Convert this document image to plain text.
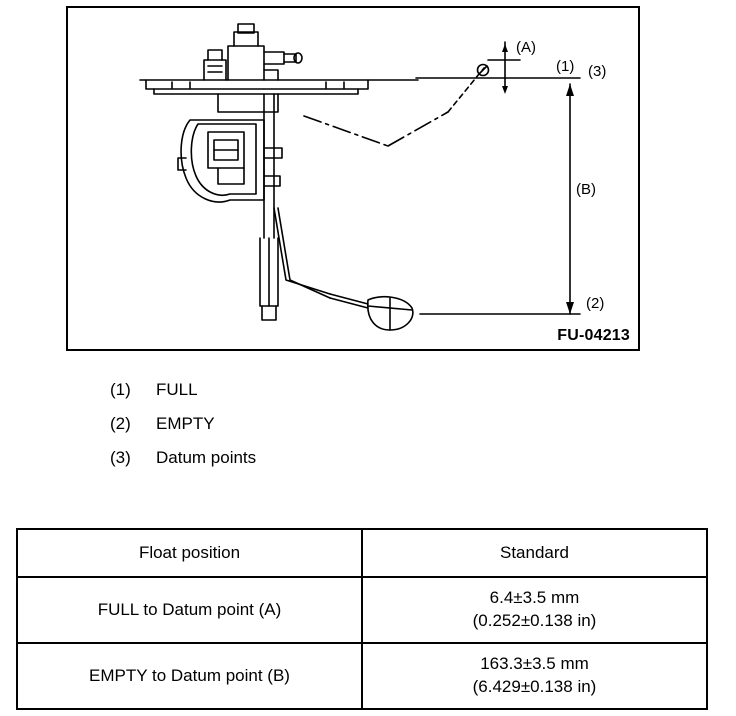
(A)
(B)
(1)
(2)
(3)
FU-04213
(1)	FULL
(2)	EMPTY
(3)	Datum points
Float position	Standard
FULL to Datum point (A)	6.4±3.5 mm
(0.252±0.138 in)

EMPTY to Datum point (B)	163.3±3.5 mm
(6.429±0.138 in)
